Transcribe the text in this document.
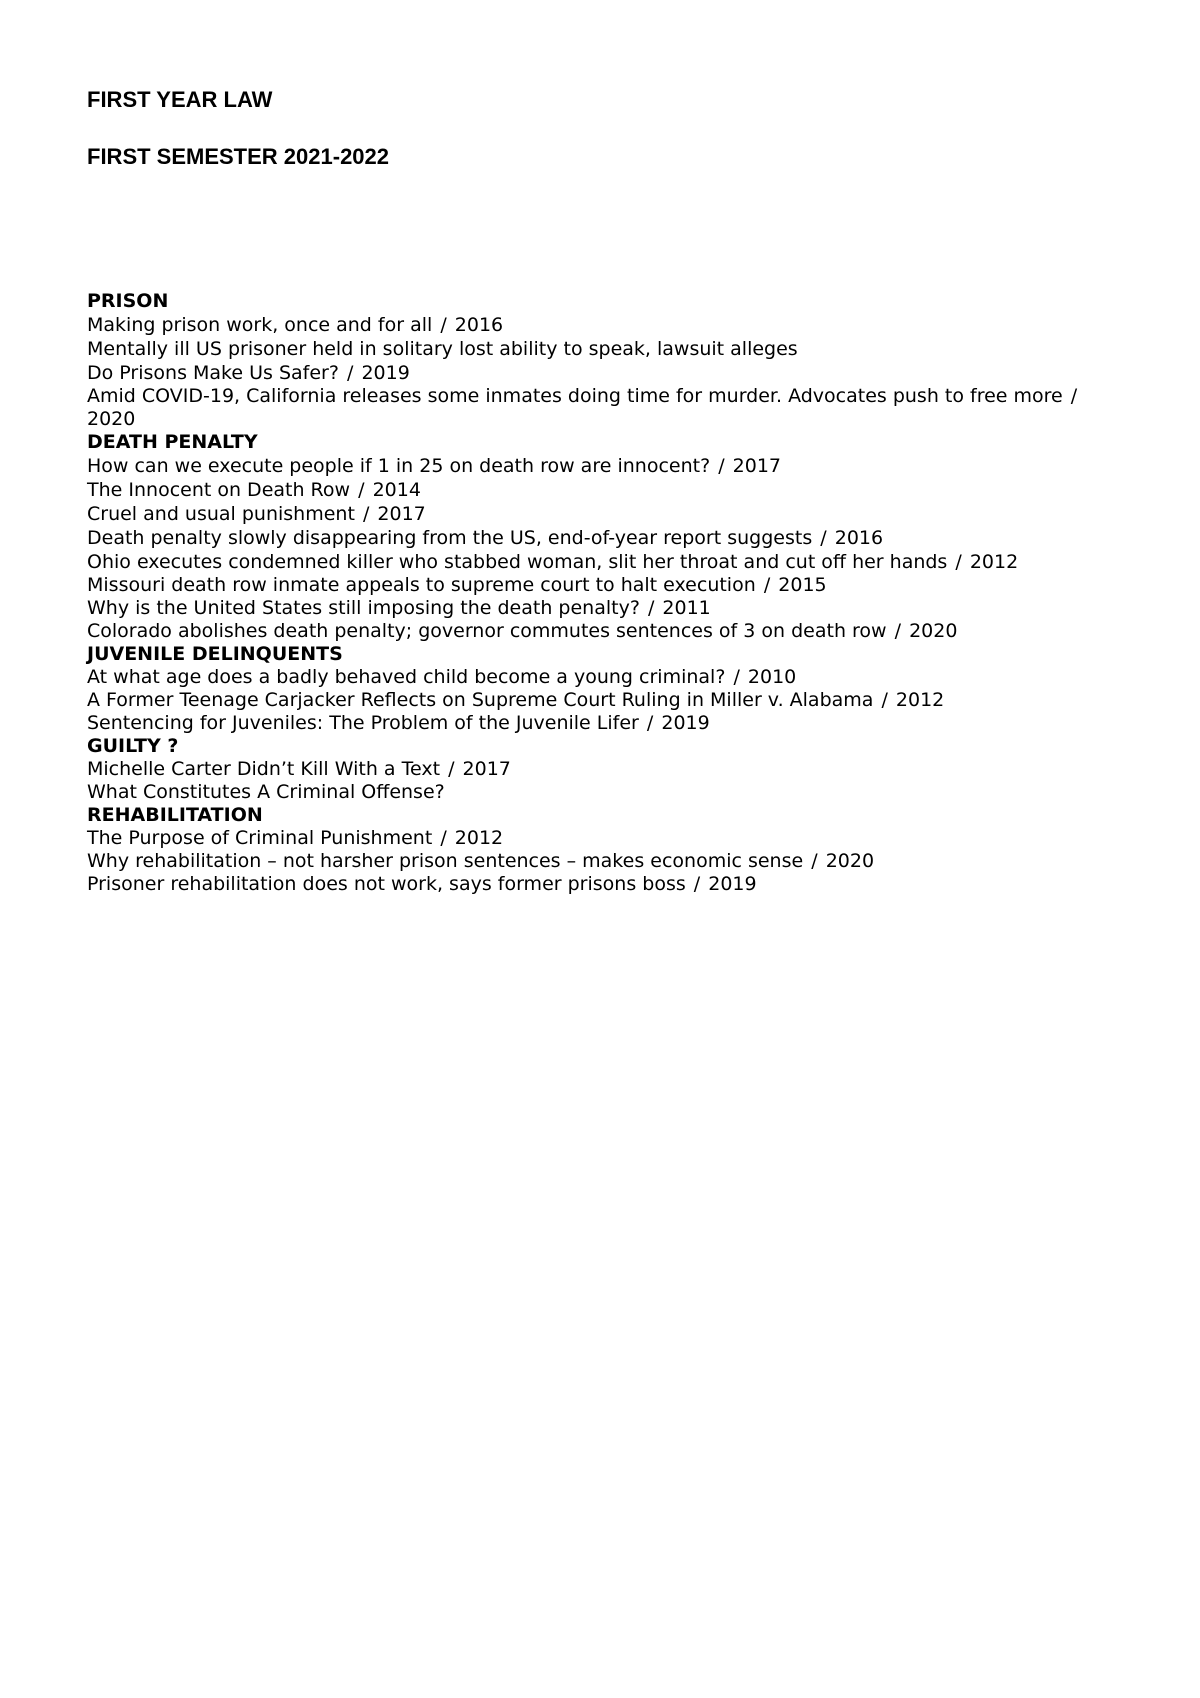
FIRST YEAR LAW
FIRST SEMESTER 2021-2022
PRISON
Making prison work, once and for all / 2016
Mentally ill US prisoner held in solitary lost ability to speak, lawsuit alleges
Do Prisons Make Us Safer? / 2019
Amid COVID-19, California releases some inmates doing time for murder. Advocates push to free more / 2020
DEATH PENALTY
How can we execute people if 1 in 25 on death row are innocent? / 2017
The Innocent on Death Row / 2014
Cruel and usual punishment / 2017
Death penalty slowly disappearing from the US, end-of-year report suggests / 2016
Ohio executes condemned killer who stabbed woman, slit her throat and cut off her hands / 2012
Missouri death row inmate appeals to supreme court to halt execution / 2015
Why is the United States still imposing the death penalty? / 2011
Colorado abolishes death penalty; governor commutes sentences of 3 on death row / 2020
JUVENILE DELINQUENTS
At what age does a badly behaved child become a young criminal? / 2010
A Former Teenage Carjacker Reflects on Supreme Court Ruling in Miller v. Alabama / 2012
Sentencing for Juveniles: The Problem of the Juvenile Lifer / 2019
GUILTY ?
Michelle Carter Didn’t Kill With a Text / 2017
What Constitutes A Criminal Offense?
REHABILITATION
The Purpose of Criminal Punishment / 2012
Why rehabilitation – not harsher prison sentences – makes economic sense / 2020
Prisoner rehabilitation does not work, says former prisons boss / 2019
